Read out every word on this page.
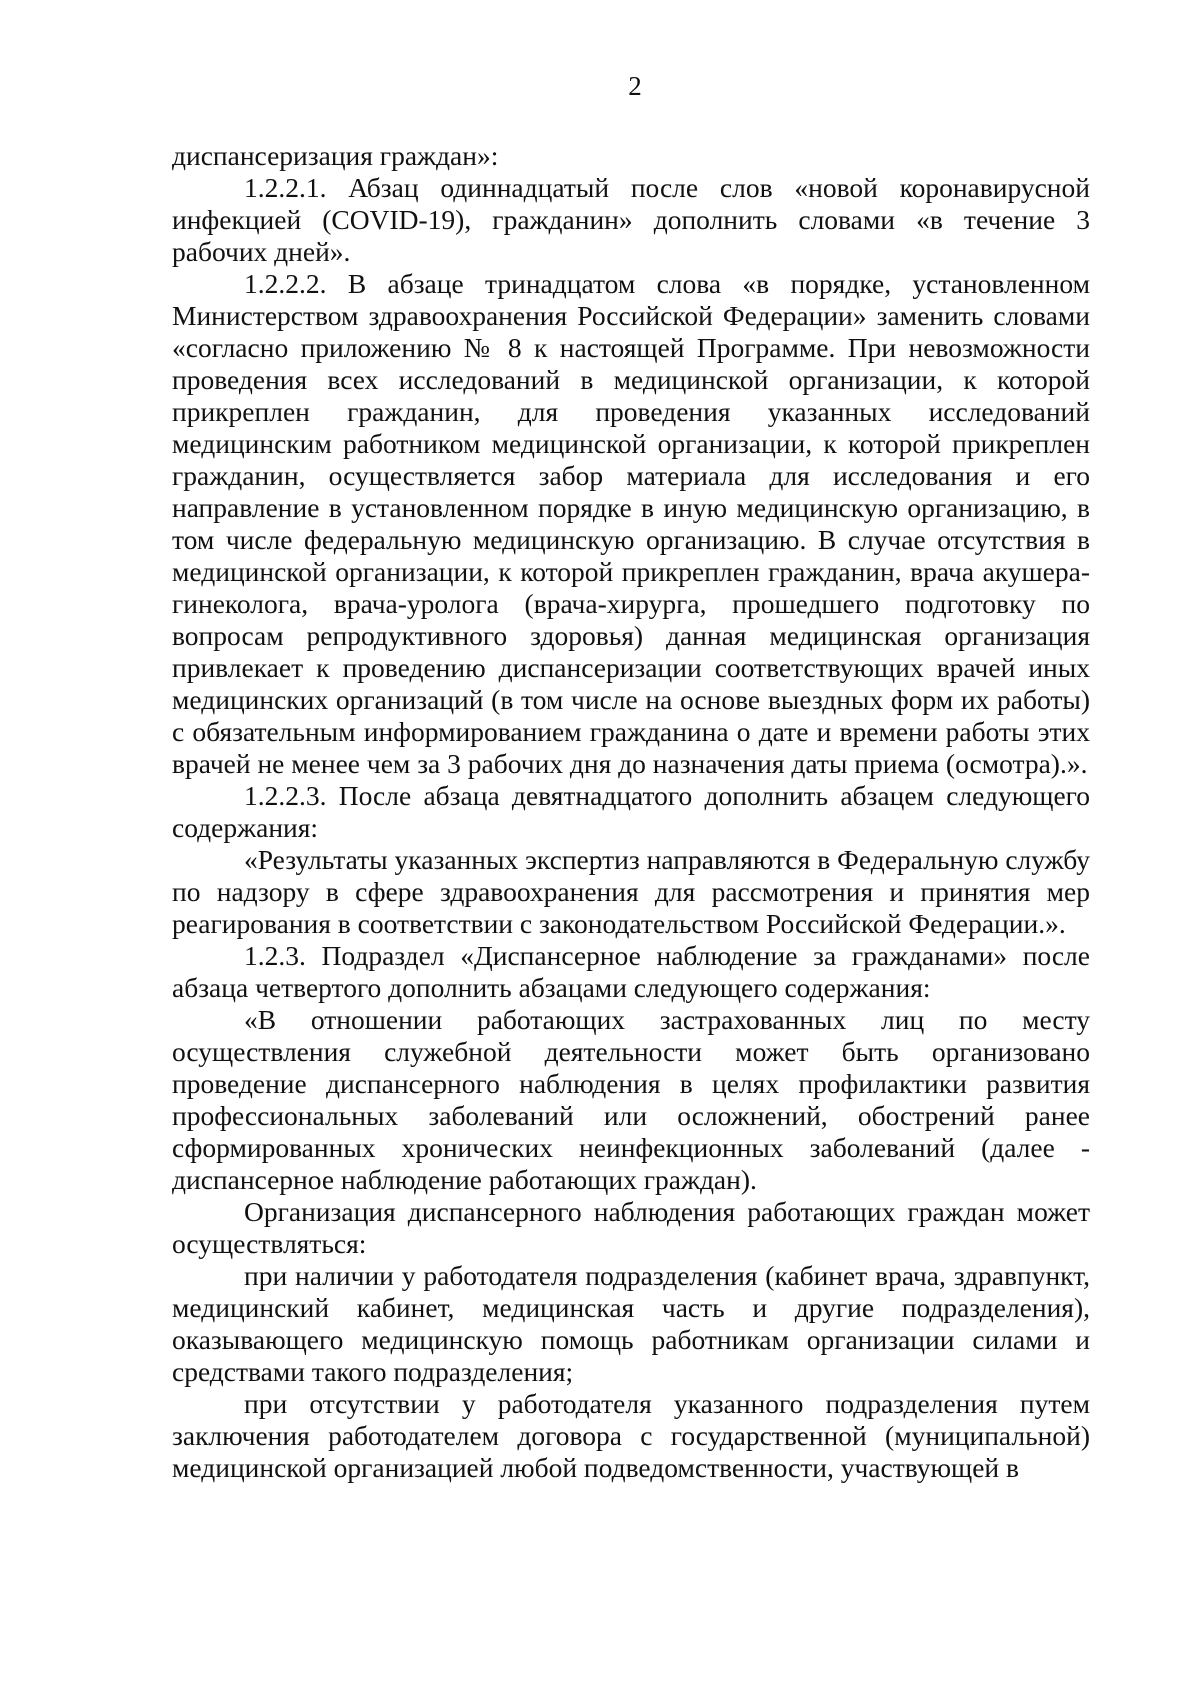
2

диспансеризация граждан»:

1.2.2.1. Абзац одиннадцатый после слов «новой коронавирусной инфекцией (COVID-19), гражданин» дополнить словами «в течение 3 рабочих дней».

1.2.2.2. В абзаце тринадцатом слова «в порядке, установленном Министерством здравоохранения Российской Федерации» заменить словами «согласно приложению № 8 к настоящей Программе. При невозможности проведения всех исследований в медицинской организации, к которой прикреплен гражданин, для проведения указанных исследований медицинским работником медицинской организации, к которой прикреплен гражданин, осуществляется забор материала для исследования и его направление в установленном порядке в иную медицинскую организацию, в том числе федеральную медицинскую организацию. В случае отсутствия в медицинской организации, к которой прикреплен гражданин, врача акушера-гинеколога, врача-уролога (врача-хирурга, прошедшего подготовку по вопросам репродуктивного здоровья) данная медицинская организация привлекает к проведению диспансеризации соответствующих врачей иных медицинских организаций (в том числе на основе выездных форм их работы) с обязательным информированием гражданина о дате и времени работы этих врачей не менее чем за 3 рабочих дня до назначения даты приема (осмотра).».

1.2.2.3. После абзаца девятнадцатого дополнить абзацем следующего содержания:

«Результаты указанных экспертиз направляются в Федеральную службу по надзору в сфере здравоохранения для рассмотрения и принятия мер реагирования в соответствии с законодательством Российской Федерации.».

1.2.3. Подраздел «Диспансерное наблюдение за гражданами» после абзаца четвертого дополнить абзацами следующего содержания:

«В отношении работающих застрахованных лиц по месту осуществления служебной деятельности может быть организовано проведение диспансерного наблюдения в целях профилактики развития профессиональных заболеваний или осложнений, обострений ранее сформированных хронических неинфекционных заболеваний (далее - диспансерное наблюдение работающих граждан).

Организация диспансерного наблюдения работающих граждан может осуществляться:

при наличии у работодателя подразделения (кабинет врача, здравпункт, медицинский кабинет, медицинская часть и другие подразделения), оказывающего медицинскую помощь работникам организации силами и средствами такого подразделения;

при отсутствии у работодателя указанного подразделения путем заключения работодателем договора с государственной (муниципальной) медицинской организацией любой подведомственности, участвующей в
